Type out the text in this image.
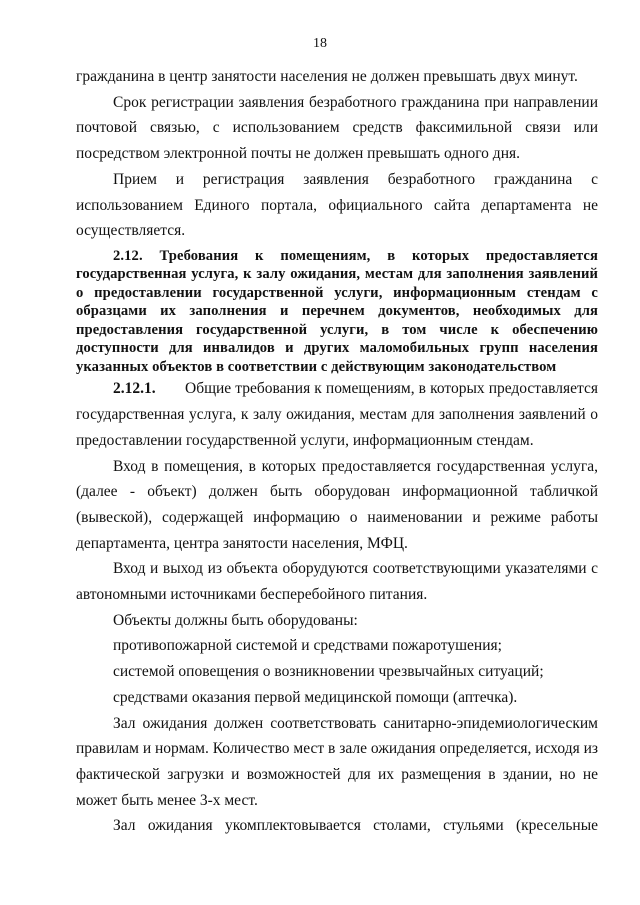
18

гражданина в центр занятости населения не должен превышать двух минут.

Срок регистрации заявления безработного гражданина при направлении почтовой связью, с использованием средств факсимильной связи или посредством электронной почты не должен превышать одного дня.

Прием и регистрация заявления безработного гражданина с использованием Единого портала, официального сайта департамента не осуществляется.

2.12. Требования к помещениям, в которых предоставляется государственная услуга, к залу ожидания, местам для заполнения заявлений о предоставлении государственной услуги, информационным стендам с образцами их заполнения и перечнем документов, необходимых для предоставления государственной услуги, в том числе к обеспечению доступности для инвалидов и других маломобильных групп населения указанных объектов в соответствии с действующим законодательством

2.12.1. Общие требования к помещениям, в которых предоставляется государственная услуга, к залу ожидания, местам для заполнения заявлений о предоставлении государственной услуги, информационным стендам.

Вход в помещения, в которых предоставляется государственная услуга, (далее - объект) должен быть оборудован информационной табличкой (вывеской), содержащей информацию о наименовании и режиме работы департамента, центра занятости населения, МФЦ.

Вход и выход из объекта оборудуются соответствующими указателями с автономными источниками бесперебойного питания.

Объекты должны быть оборудованы:

противопожарной системой и средствами пожаротушения;

системой оповещения о возникновении чрезвычайных ситуаций;

средствами оказания первой медицинской помощи (аптечка).

Зал ожидания должен соответствовать санитарно-эпидемиологическим правилам и нормам. Количество мест в зале ожидания определяется, исходя из фактической загрузки и возможностей для их размещения в здании, но не может быть менее 3-х мест.

Зал ожидания укомплектовывается столами, стульями (кресельные
